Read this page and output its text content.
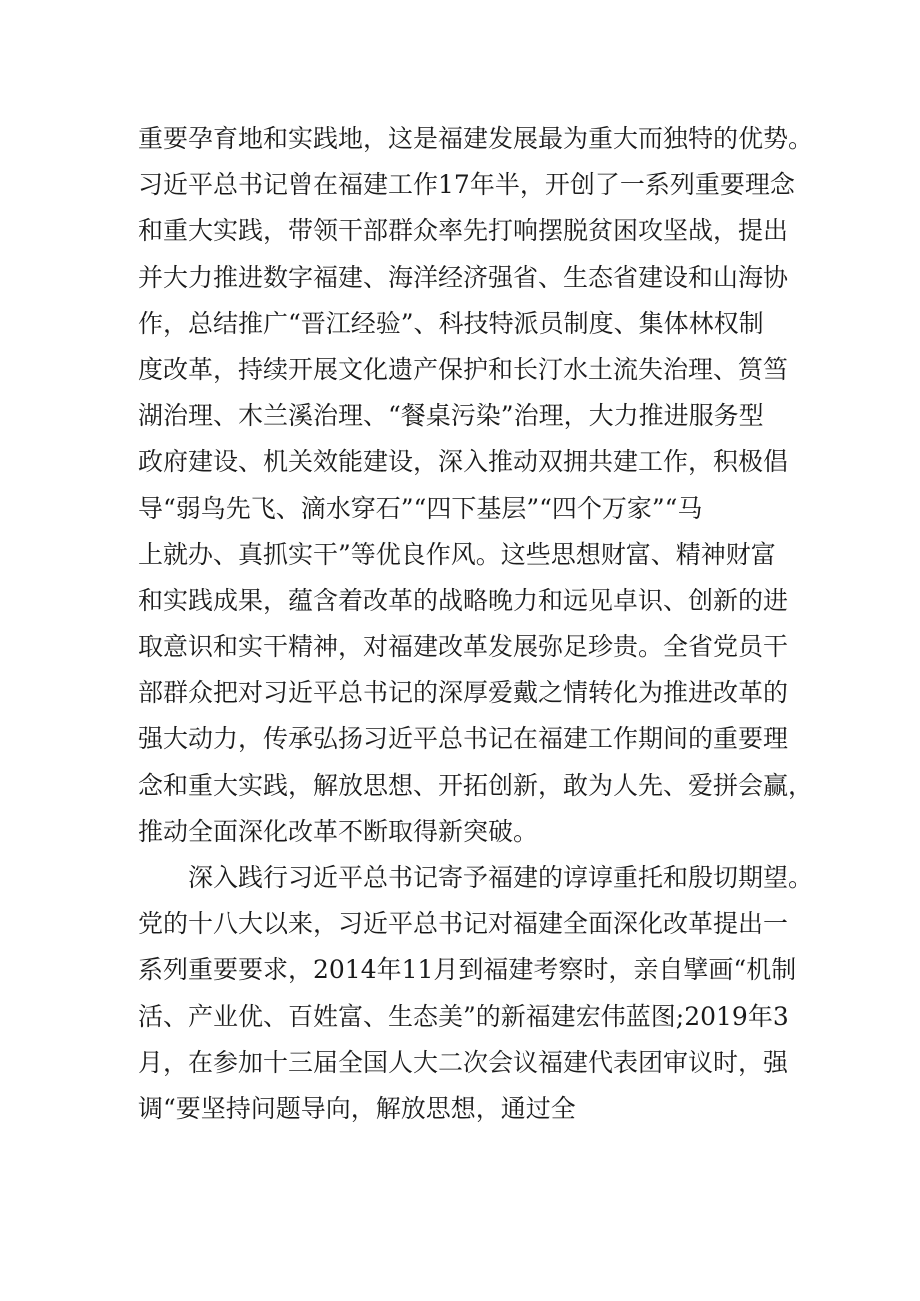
重要孕育地和实践地，这是福建发展最为重大而独特的优势。
习近平总书记曾在福建工作17年半，开创了一系列重要理念
和重大实践，带领干部群众率先打响摆脱贫困攻坚战，提出
并大力推进数字福建、海洋经济强省、生态省建设和山海协
作，总结推广“晋江经验”、科技特派员制度、集体林权制
度改革，持续开展文化遗产保护和长汀水土流失治理、筼筜
湖治理、木兰溪治理、“餐桌污染”治理，大力推进服务型
政府建设、机关效能建设，深入推动双拥共建工作，积极倡
导“弱鸟先飞、滴水穿石”“四下基层”“四个万家”“马
上就办、真抓实干”等优良作风。这些思想财富、精神财富
和实践成果，蕴含着改革的战略晚力和远见卓识、创新的进
取意识和实干精神，对福建改革发展弥足珍贵。全省党员干
部群众把对习近平总书记的深厚爱戴之情转化为推进改革的
强大动力，传承弘扬习近平总书记在福建工作期间的重要理
念和重大实践，解放思想、开拓创新，敢为人先、爱拼会赢，
推动全面深化改革不断取得新突破。
深入践行习近平总书记寄予福建的谆谆重托和殷切期望。
党的十八大以来，习近平总书记对福建全面深化改革提出一
系列重要要求，2014年11月到福建考察时，亲自擘画“机制
活、产业优、百姓富、生态美”的新福建宏伟蓝图;2019年3
月，在参加十三届全国人大二次会议福建代表团审议时，强
调“要坚持问题导向，解放思想，通过全
